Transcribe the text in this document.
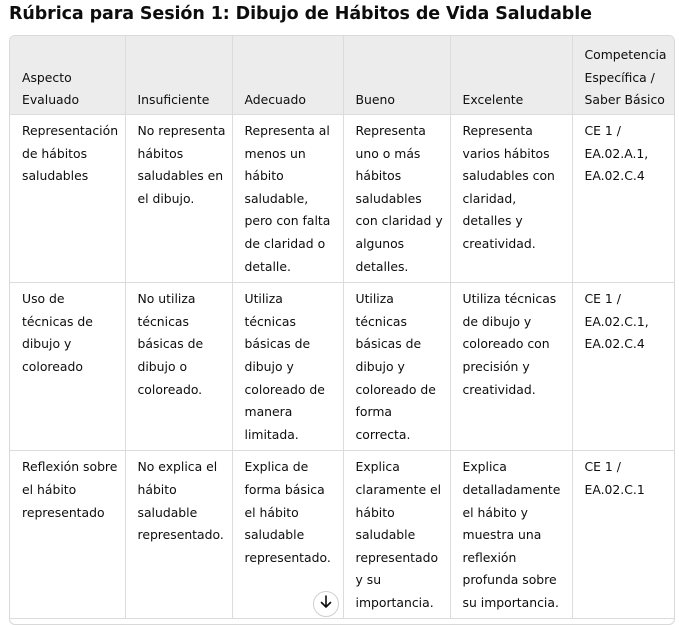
Rúbrica para Sesión 1: Dibujo de Hábitos de Vida Saludable
Aspecto Evaluado	Insuficiente	Adecuado	Bueno	Excelente	Competencia Específica / Saber Básico
Representación de hábitos saludables	No representa hábitos saludables en el dibujo.	Representa al menos un hábito saludable, pero con falta de claridad o detalle.	Representa uno o más hábitos saludables con claridad y algunos detalles.	Representa varios hábitos saludables con claridad, detalles y creatividad.	CE 1 / EA.02.A.1, EA.02.C.4
Uso de técnicas de dibujo y coloreado	No utiliza técnicas básicas de dibujo o coloreado.	Utiliza técnicas básicas de dibujo y coloreado de manera limitada.	Utiliza técnicas básicas de dibujo y coloreado de forma correcta.	Utiliza técnicas de dibujo y coloreado con precisión y creatividad.	CE 1 / EA.02.C.1, EA.02.C.4
Reflexión sobre el hábito representado	No explica el hábito saludable representado.	Explica de forma básica el hábito saludable representado.	Explica claramente el hábito saludable representado y su importancia.	Explica detalladamente el hábito y muestra una reflexión profunda sobre su importancia.	CE 1 / EA.02.C.1
